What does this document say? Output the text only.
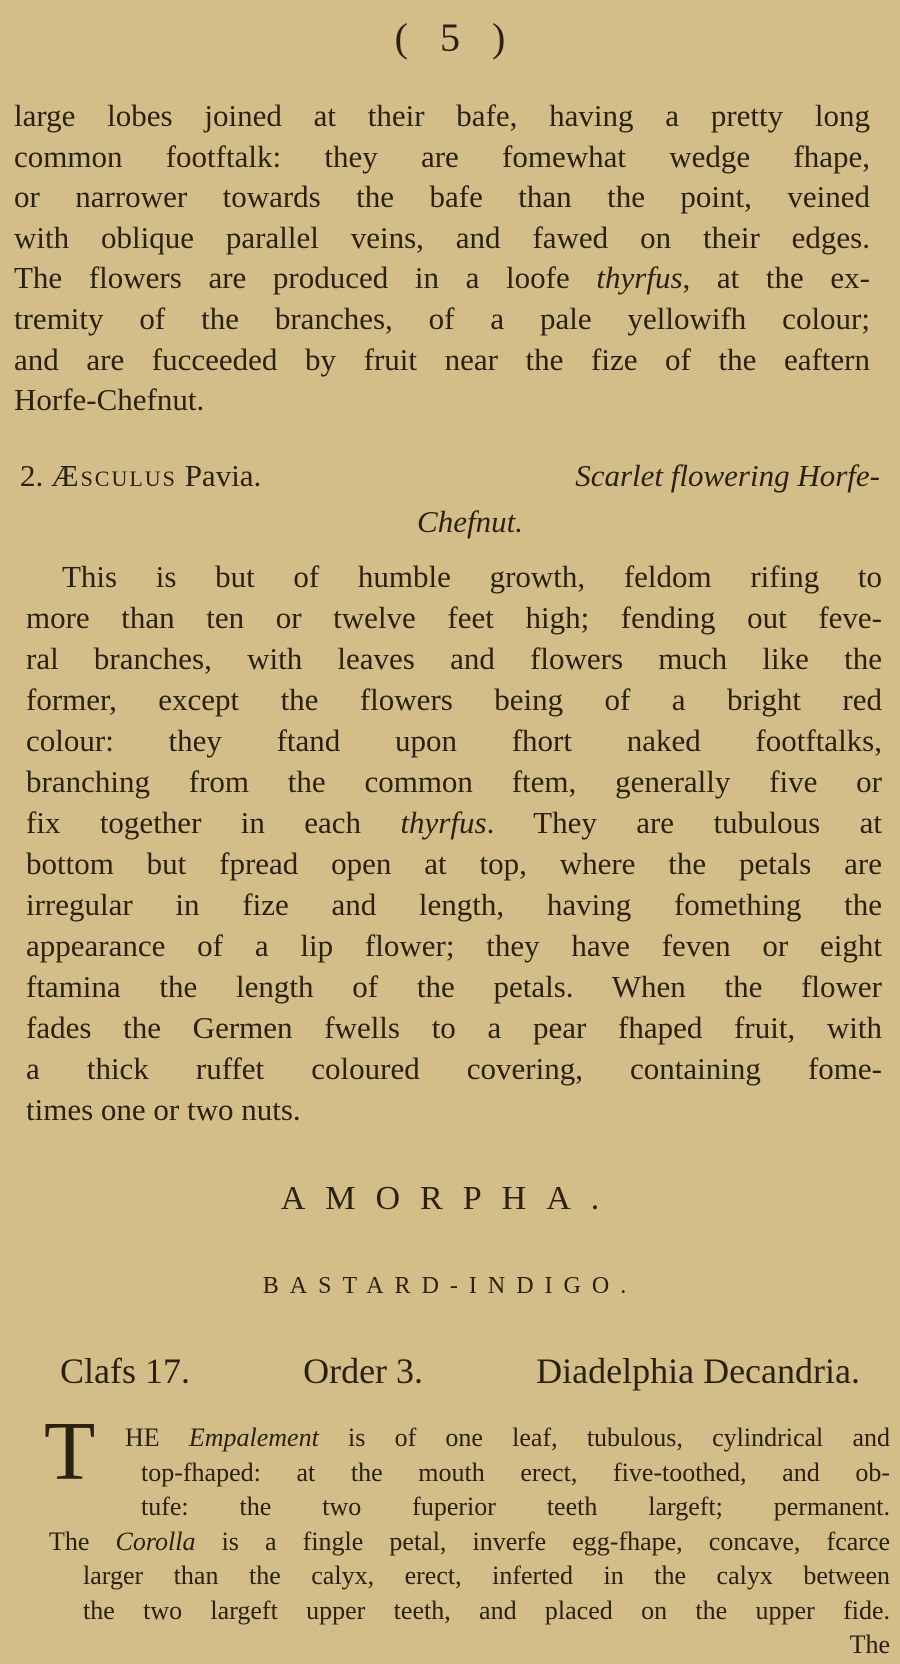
( 5 )
large lobes joined at their bafe, having a pretty long
common footftalk: they are fomewhat wedge fhape,
or narrower towards the bafe than the point, veined
with oblique parallel veins, and fawed on their edges.
The flowers are produced in a loofe thyrfus, at the ex-
tremity of the branches, of a pale yellowifh colour;
and are fucceeded by fruit near the fize of the eaftern
Horfe-Chefnut.
2. Æsculus Pavia.	Scarlet flowering Horfe-
Chefnut.
This is but of humble growth, feldom rifing to
more than ten or twelve feet high; fending out feve-
ral branches, with leaves and flowers much like the
former, except the flowers being of a bright red
colour: they ftand upon fhort naked footftalks,
branching from the common ftem, generally five or
fix together in each thyrfus. They are tubulous at
bottom but fpread open at top, where the petals are
irregular in fize and length, having fomething the
appearance of a lip flower; they have feven or eight
ftamina the length of the petals. When the flower
fades the Germen fwells to a pear fhaped fruit, with
a thick ruffet coloured covering, containing fome-
times one or two nuts.
AMORPHA.
BASTARD-INDIGO.
Clafs 17.	Order 3.	Diadelphia Decandria.
T	HE Empalement is of one leaf, tubulous, cylindrical and
top-fhaped: at the mouth erect, five-toothed, and ob-
tufe: the two fuperior teeth largeft; permanent.
The Corolla is a fingle petal, inverfe egg-fhape, concave, fcarce
larger than the calyx, erect, inferted in the calyx between
the two largeft upper teeth, and placed on the upper fide.
The
